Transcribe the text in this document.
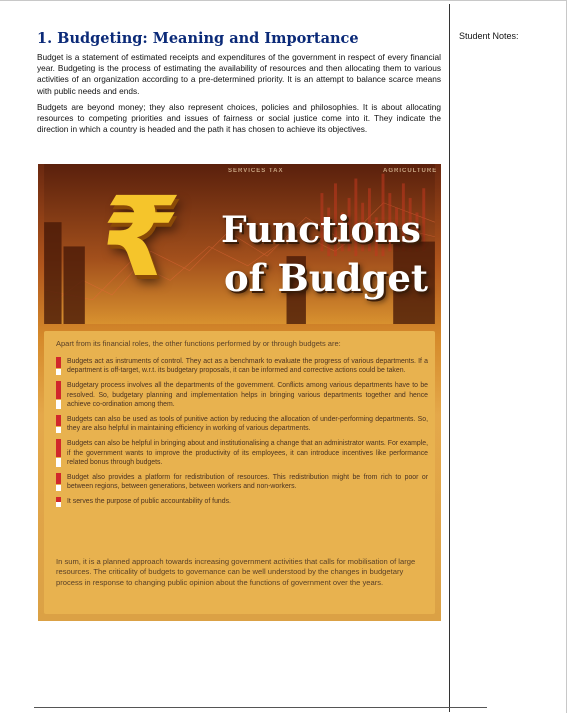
Student Notes:
1. Budgeting: Meaning and Importance

Budget is a statement of estimated receipts and expenditures of the government in respect of every financial year. Budgeting is the process of estimating the availability of resources and then allocating them to various activities of an organization according to a pre-determined priority. It is an attempt to balance scarce means with public needs and ends.

Budgets are beyond money; they also represent choices, policies and philosophies. It is about allocating resources to competing priorities and issues of fairness or social justice come into it. They indicate the direction in which a country is headed and the path it has chosen to achieve its objectives.

SERVICES TAX	AGRICULTURE
₹ Functions
of Budget
Apart from its financial roles, the other functions performed by or through budgets are:
Budgets act as instruments of control. They act as a benchmark to evaluate the progress of various departments. If a department is off-target, w.r.t. its budgetary proposals, it can be informed and corrective actions could be taken.
Budgetary process involves all the departments of the government. Conflicts among various departments have to be resolved. So, budgetary planning and implementation helps in bringing various departments together and hence achieve co-ordination among them.
Budgets can also be used as tools of punitive action by reducing the allocation of under-performing departments. So, they are also helpful in maintaining efficiency in working of various departments.
Budgets can also be helpful in bringing about and institutionalising a change that an administrator wants. For example, if the government wants to improve the productivity of its employees, it can introduce incentives like performance related bonus through budgets.
Budget also provides a platform for redistribution of resources. This redistribution might be from rich to poor or between regions, between generations, between workers and non-workers.
It serves the purpose of public accountability of funds.
In sum, it is a planned approach towards increasing government activities that calls for mobilisation of large resources. The criticality of budgets to governance can be well understood by the changes in budgetary process in response to changing public opinion about the functions of government over the years.
